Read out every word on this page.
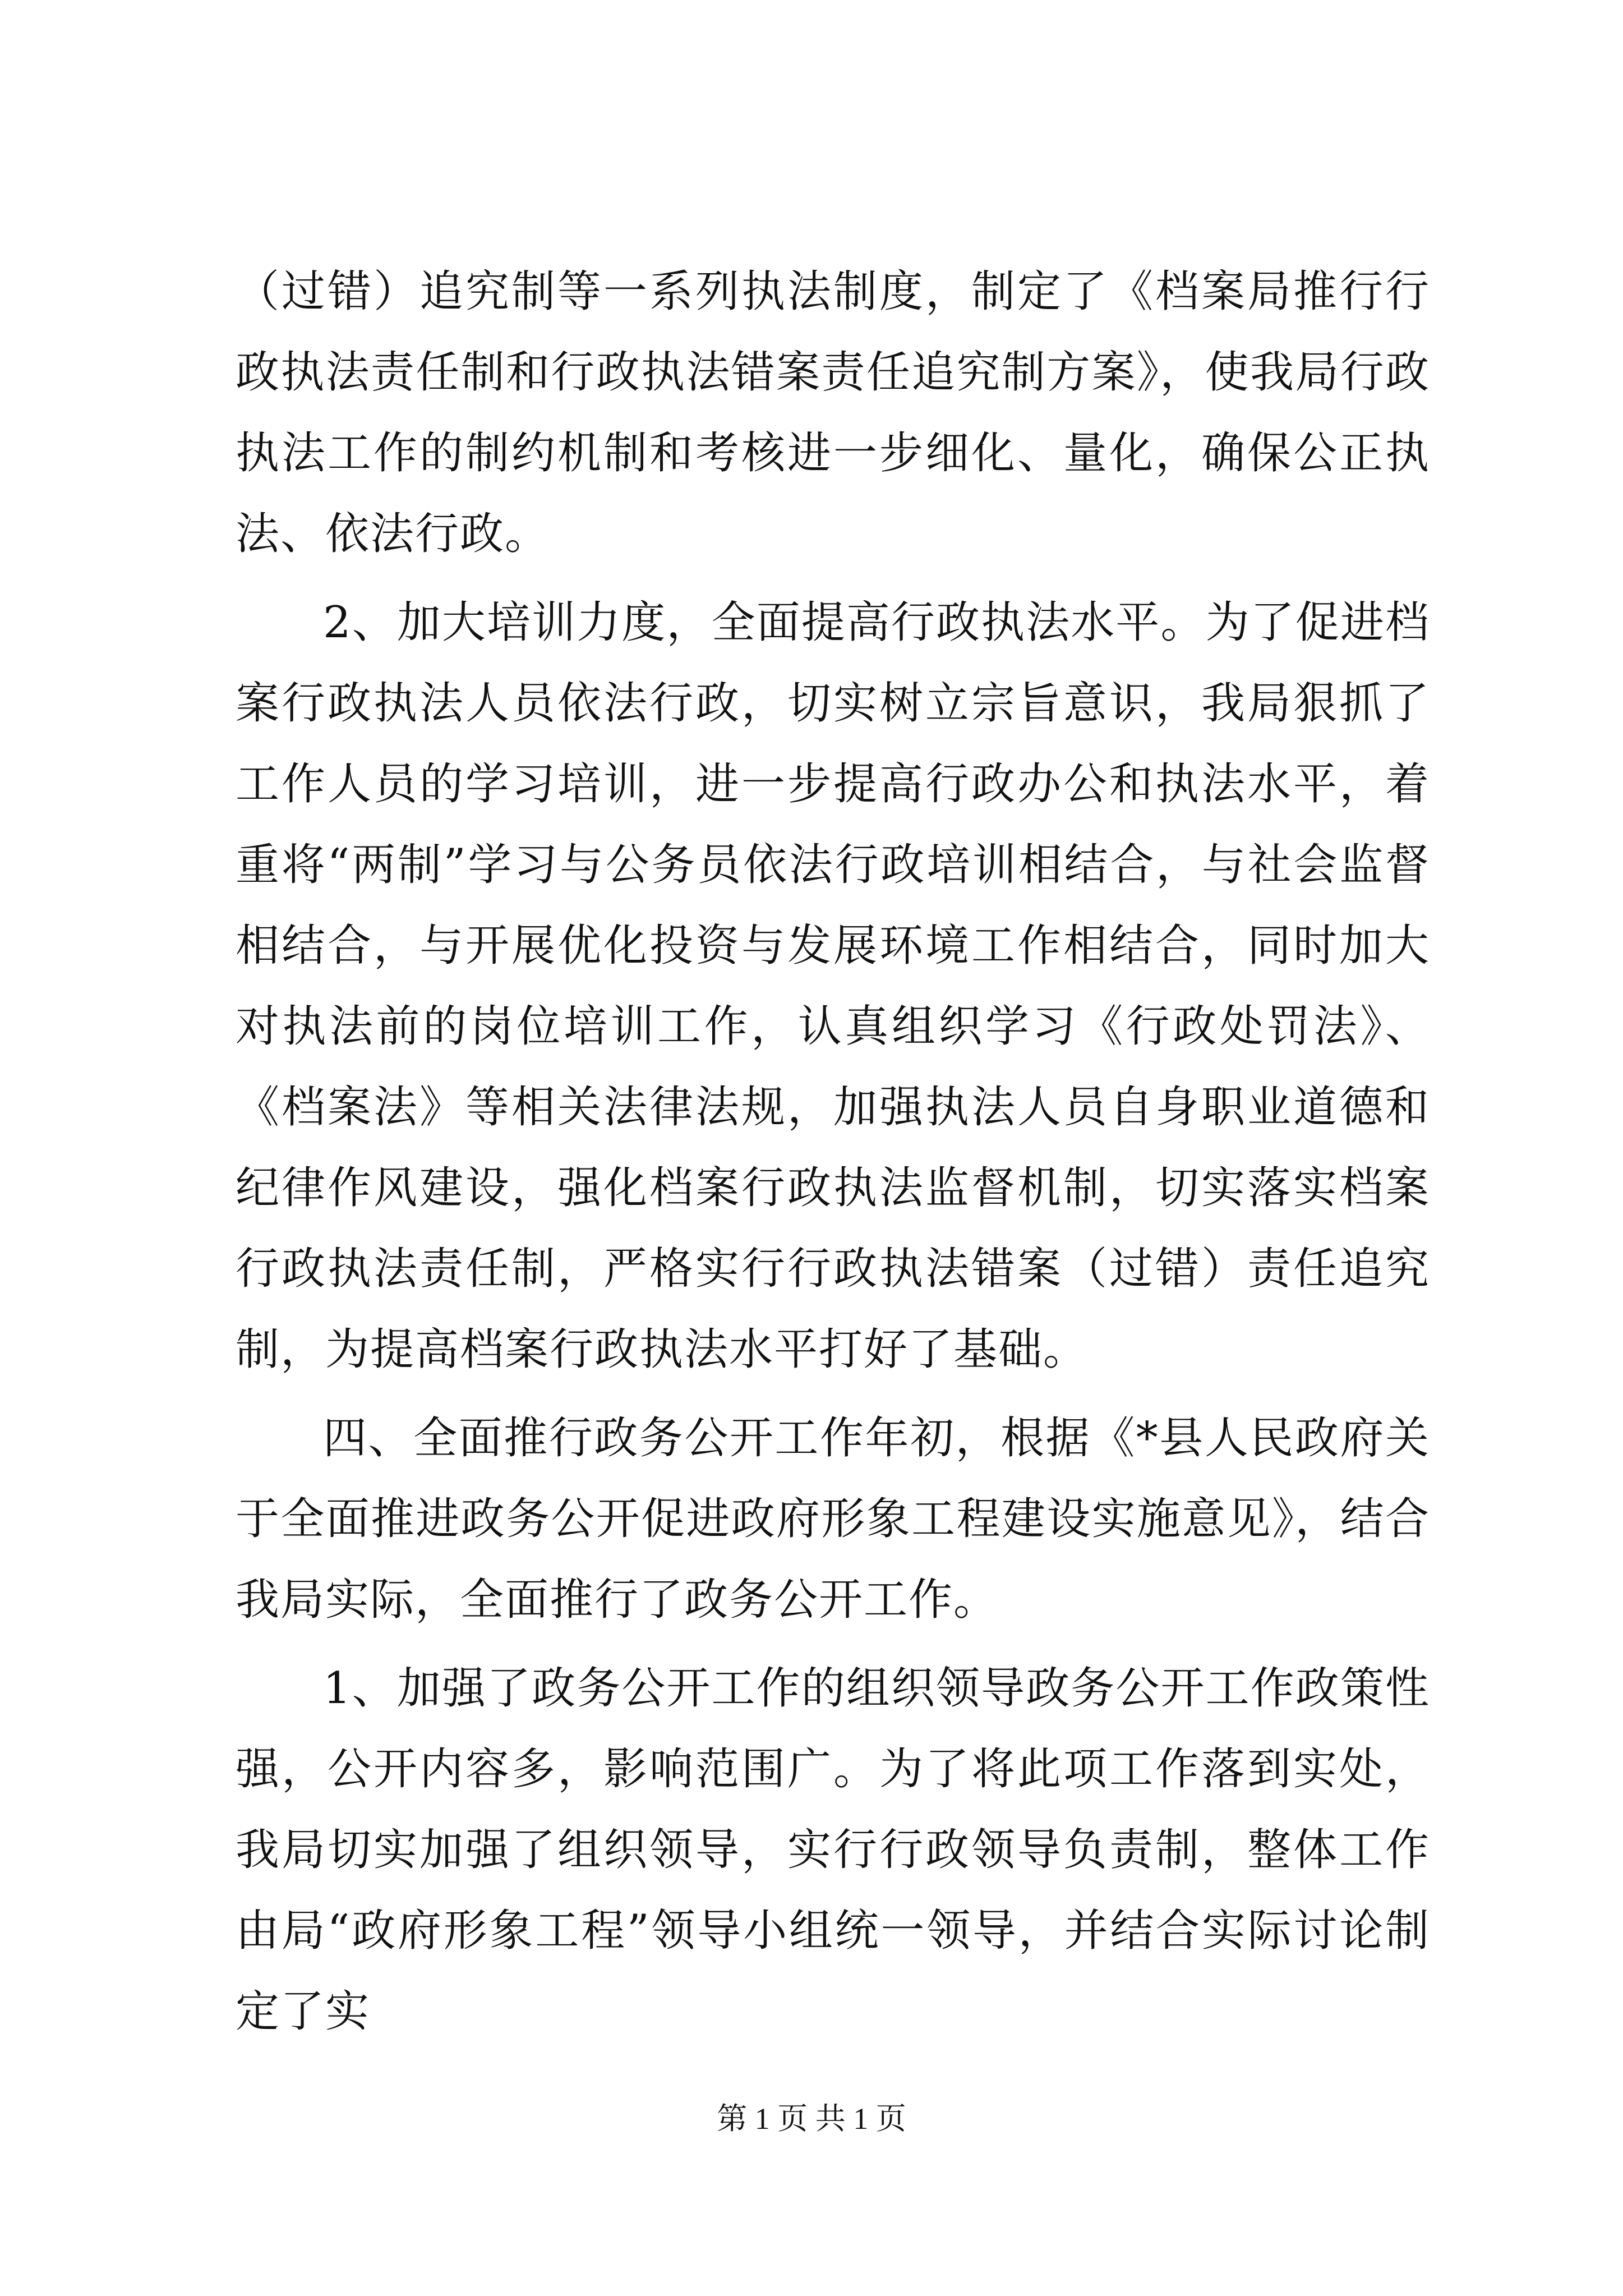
（过错）追究制等一系列执法制度，制定了《档案局推行行政执法责任制和行政执法错案责任追究制方案》，使我局行政执法工作的制约机制和考核进一步细化、量化，确保公正执法、依法行政。

2、加大培训力度，全面提高行政执法水平。为了促进档案行政执法人员依法行政，切实树立宗旨意识，我局狠抓了工作人员的学习培训，进一步提高行政办公和执法水平，着重将“两制”学习与公务员依法行政培训相结合，与社会监督相结合，与开展优化投资与发展环境工作相结合，同时加大对执法前的岗位培训工作，认真组织学习《行政处罚法》、《档案法》等相关法律法规，加强执法人员自身职业道德和纪律作风建设，强化档案行政执法监督机制，切实落实档案行政执法责任制，严格实行行政执法错案（过错）责任追究制，为提高档案行政执法水平打好了基础。

四、全面推行政务公开工作年初，根据《*县人民政府关于全面推进政务公开促进政府形象工程建设实施意见》，结合我局实际，全面推行了政务公开工作。

1、加强了政务公开工作的组织领导政务公开工作政策性强，公开内容多，影响范围广。为了将此项工作落到实处，我局切实加强了组织领导，实行行政领导负责制，整体工作由局“政府形象工程”领导小组统一领导，并结合实际讨论制定了实

第 1 页 共 1 页
